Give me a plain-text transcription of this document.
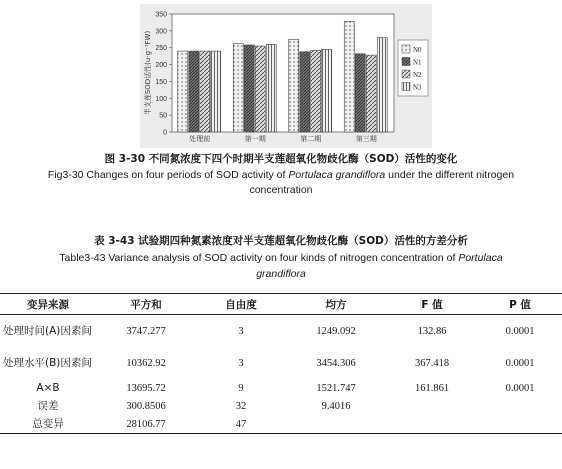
0
50
100
150
200
250
300
350
处理前	第一期	第二期	第三期
半支莲SOD活性(u·g⁻¹FW)	N0
N1
N2
N3
图 3-30 不同氮浓度下四个时期半支莲超氧化物歧化酶（SOD）活性的变化
Fig3-30 Changes on four periods of SOD activity of Portulaca grandiflora under the different nitrogen
concentration
表 3-43 试验期四种氮素浓度对半支莲超氧化物歧化酶（SOD）活性的方差分析
Table3-43 Variance analysis of SOD activity on four kinds of nitrogen concentration of Portulaca
grandiflora
变异来源	平方和	自由度	均方	F 值	P 值
处理时间(A)因素间	3747.277	3	1249.092	132.86	0.0001
处理水平(B)因素间	10362.92	3	3454.306	367.418	0.0001
A×B	13695.72	9	1521.747	161.861	0.0001
误差	300.8506	32	9.4016		
总变异	28106.77	47			
